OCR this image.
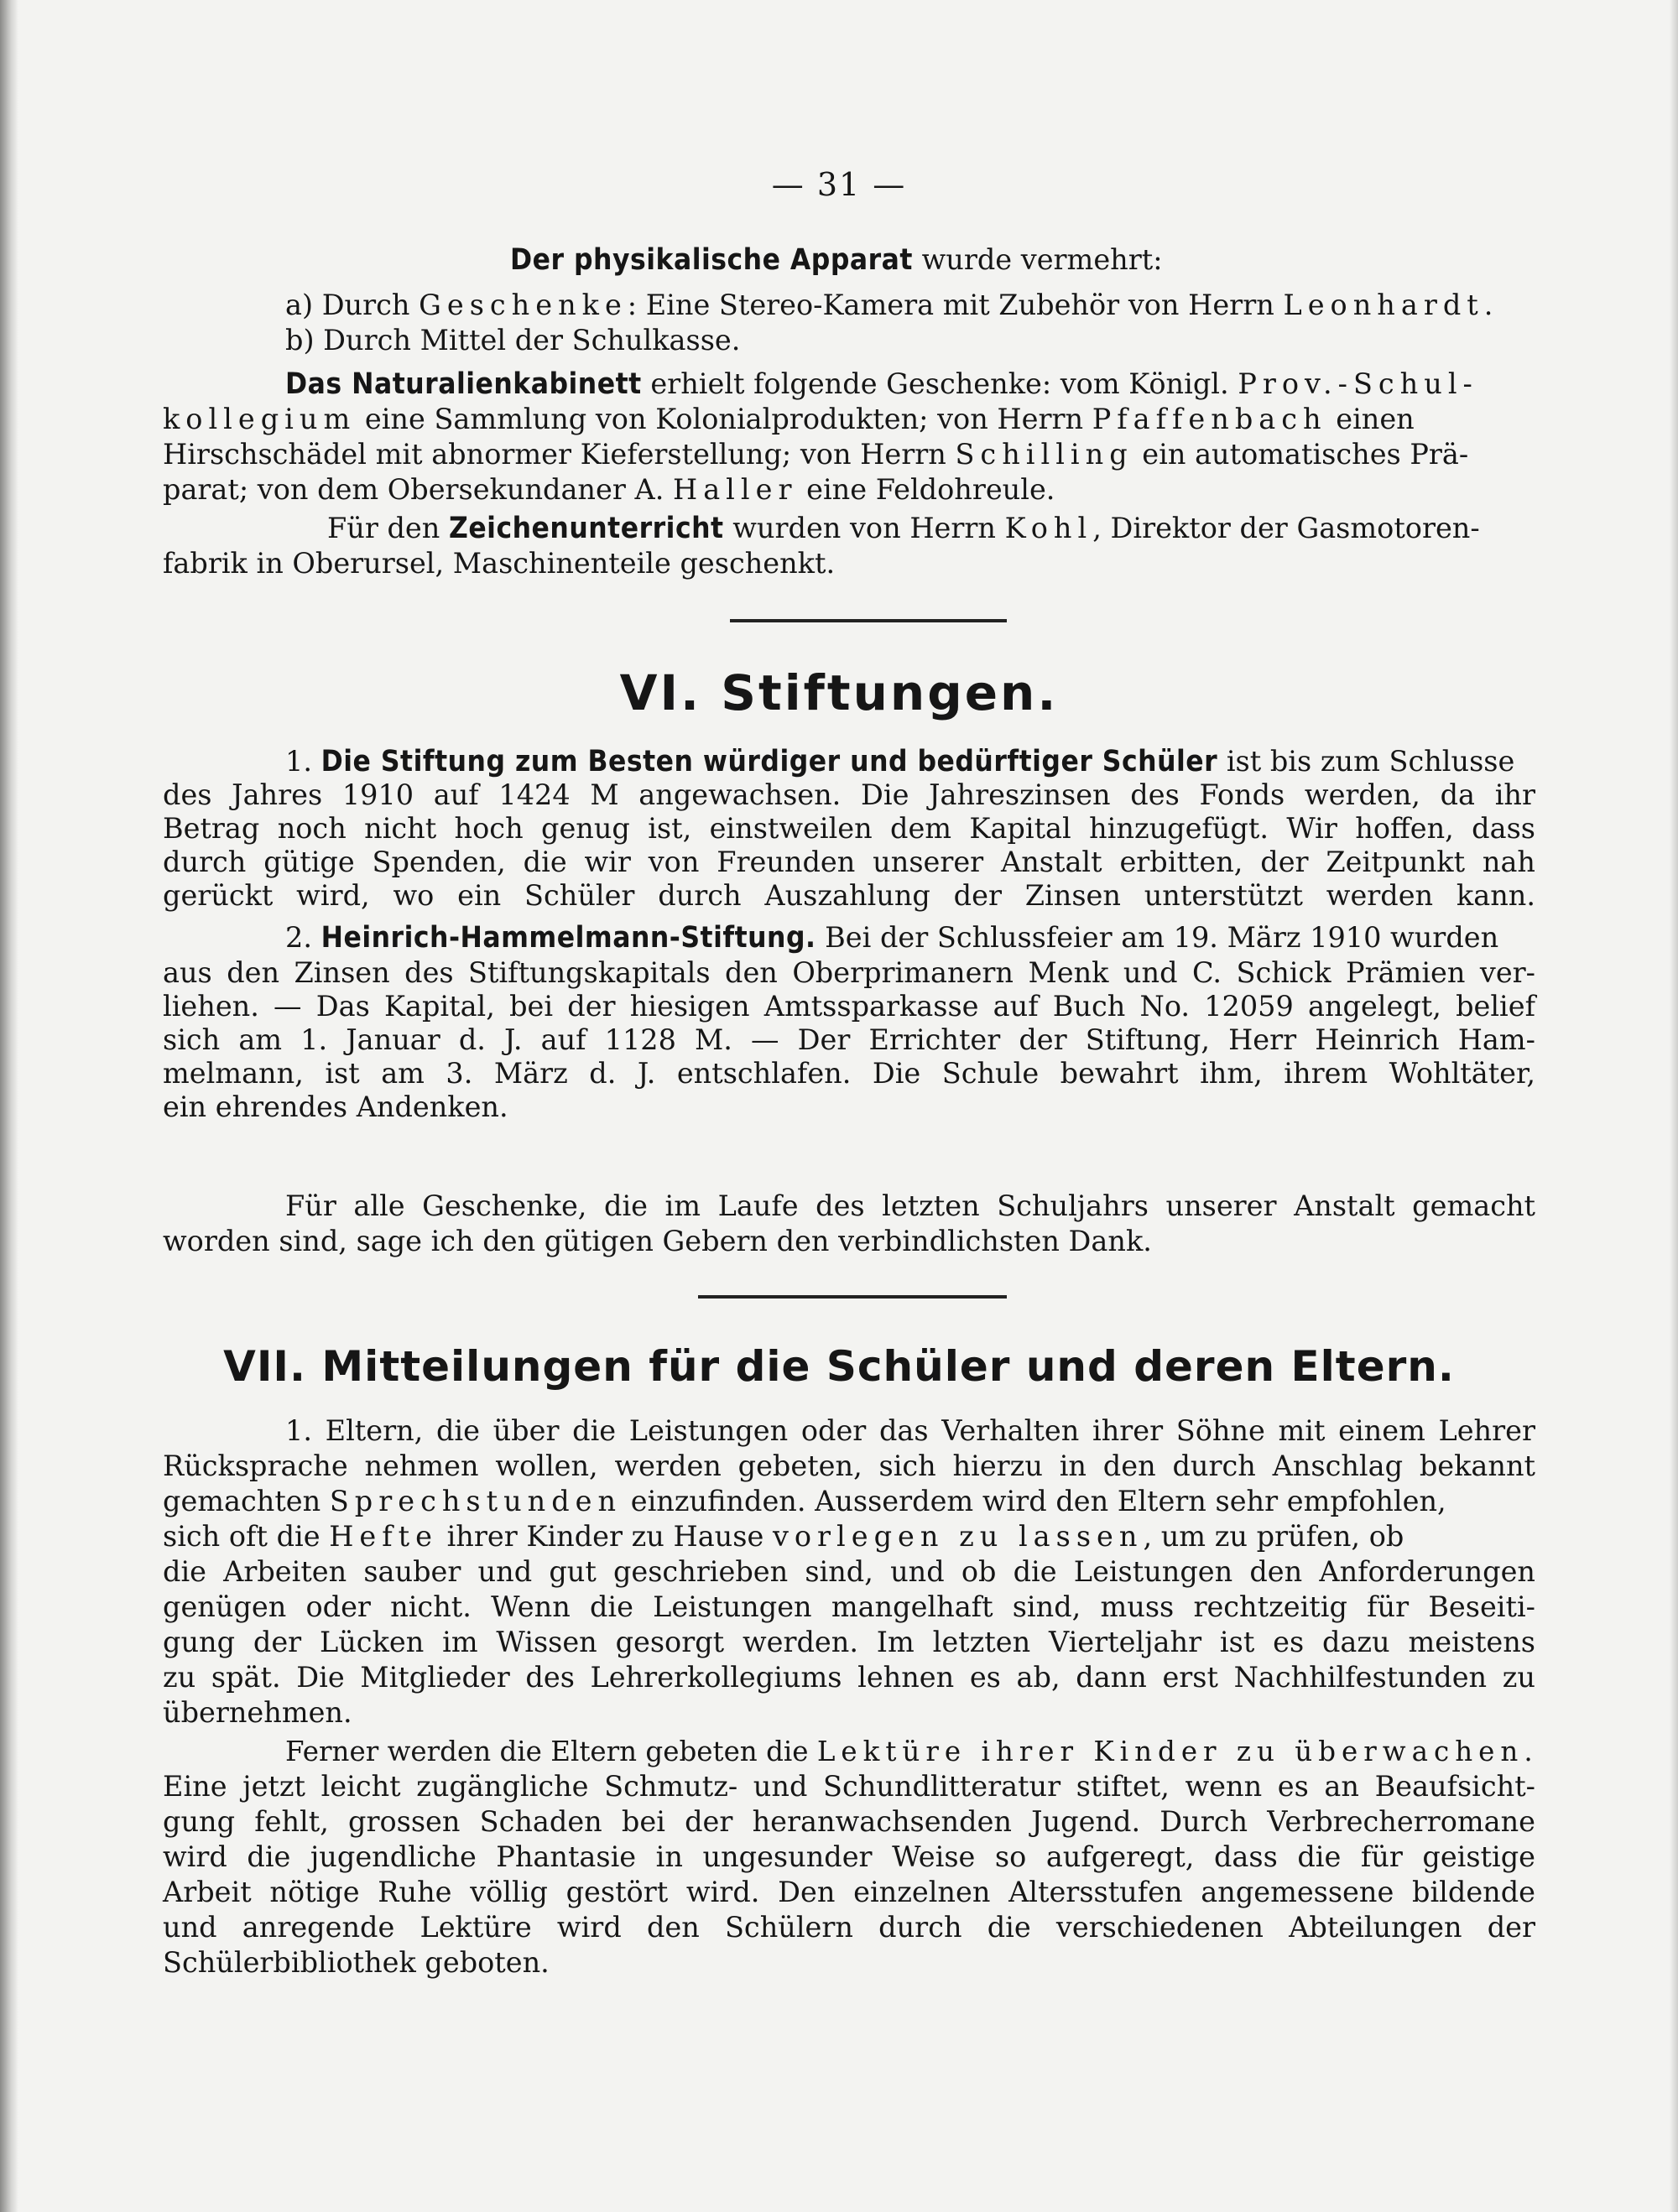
— 31 —
Der physikalische Apparat wurde vermehrt:
a) Durch Geschenke: Eine Stereo-Kamera mit Zubehör von Herrn Leonhardt.
b) Durch Mittel der Schulkasse.
Das Naturalienkabinett erhielt folgende Geschenke: vom Königl. Prov.-Schul-
kollegium eine Sammlung von Kolonialprodukten; von Herrn Pfaffenbach einen
Hirschschädel mit abnormer Kieferstellung; von Herrn Schilling ein automatisches Prä-
parat; von dem Obersekundaner A. Haller eine Feldohreule.
Für den Zeichenunterricht wurden von Herrn Kohl, Direktor der Gasmotoren-
fabrik in Oberursel, Maschinenteile geschenkt.
VI. Stiftungen.
1. Die Stiftung zum Besten würdiger und bedürftiger Schüler ist bis zum Schlusse
des Jahres 1910 auf 1424 M angewachsen. Die Jahreszinsen des Fonds werden, da ihr
Betrag noch nicht hoch genug ist, einstweilen dem Kapital hinzugefügt. Wir hoffen, dass
durch gütige Spenden, die wir von Freunden unserer Anstalt erbitten, der Zeitpunkt nah
gerückt wird, wo ein Schüler durch Auszahlung der Zinsen unterstützt werden kann.
2. Heinrich-Hammelmann-Stiftung. Bei der Schlussfeier am 19. März 1910 wurden
aus den Zinsen des Stiftungskapitals den Oberprimanern Menk und C. Schick Prämien ver-
liehen. — Das Kapital, bei der hiesigen Amtssparkasse auf Buch No. 12059 angelegt, belief
sich am 1. Januar d. J. auf 1128 M. — Der Errichter der Stiftung, Herr Heinrich Ham-
melmann, ist am 3. März d. J. entschlafen. Die Schule bewahrt ihm, ihrem Wohltäter,
ein ehrendes Andenken.
Für alle Geschenke, die im Laufe des letzten Schuljahrs unserer Anstalt gemacht
worden sind, sage ich den gütigen Gebern den verbindlichsten Dank.
VII. Mitteilungen für die Schüler und deren Eltern.
1. Eltern, die über die Leistungen oder das Verhalten ihrer Söhne mit einem Lehrer
Rücksprache nehmen wollen, werden gebeten, sich hierzu in den durch Anschlag bekannt
gemachten Sprechstunden einzufinden. Ausserdem wird den Eltern sehr empfohlen,
sich oft die Hefte ihrer Kinder zu Hause vorlegen zu lassen, um zu prüfen, ob
die Arbeiten sauber und gut geschrieben sind, und ob die Leistungen den Anforderungen
genügen oder nicht. Wenn die Leistungen mangelhaft sind, muss rechtzeitig für Beseiti-
gung der Lücken im Wissen gesorgt werden. Im letzten Vierteljahr ist es dazu meistens
zu spät. Die Mitglieder des Lehrerkollegiums lehnen es ab, dann erst Nachhilfestunden zu
übernehmen.
Ferner werden die Eltern gebeten die Lektüre ihrer Kinder zu überwachen.
Eine jetzt leicht zugängliche Schmutz- und Schundlitteratur stiftet, wenn es an Beaufsicht-
gung fehlt, grossen Schaden bei der heranwachsenden Jugend. Durch Verbrecherromane
wird die jugendliche Phantasie in ungesunder Weise so aufgeregt, dass die für geistige
Arbeit nötige Ruhe völlig gestört wird. Den einzelnen Altersstufen angemessene bildende
und anregende Lektüre wird den Schülern durch die verschiedenen Abteilungen der
Schülerbibliothek geboten.
